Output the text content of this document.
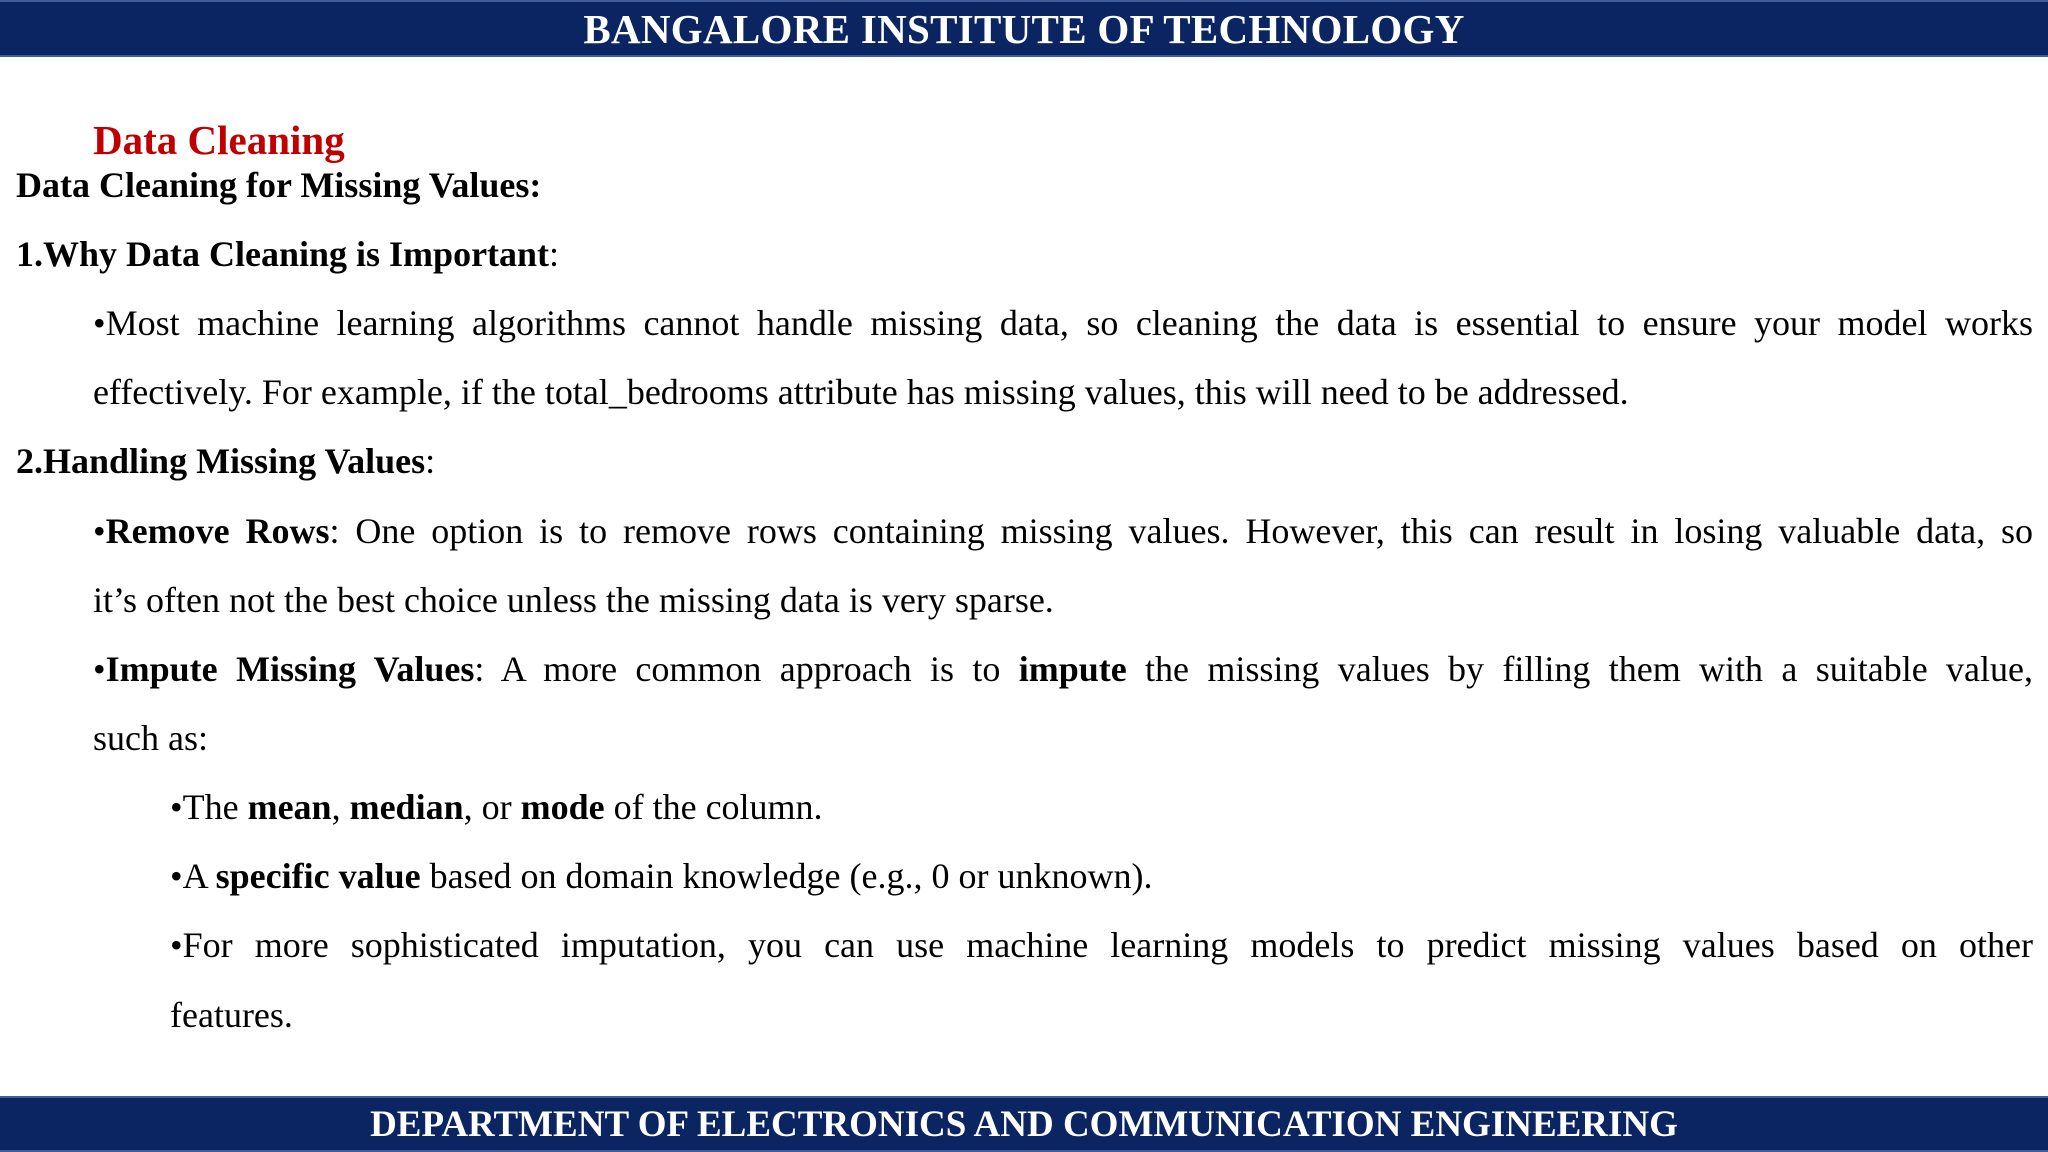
BANGALORE INSTITUTE OF TECHNOLOGY
Data Cleaning
Data Cleaning for Missing Values:
1.Why Data Cleaning is Important:
•Most machine learning algorithms cannot handle missing data, so cleaning the data is essential to ensure your model works
effectively. For example, if the total_bedrooms attribute has missing values, this will need to be addressed.
2.Handling Missing Values:
•Remove Rows: One option is to remove rows containing missing values. However, this can result in losing valuable data, so
it’s often not the best choice unless the missing data is very sparse.
•Impute Missing Values: A more common approach is to impute the missing values by filling them with a suitable value,
such as:
•The mean, median, or mode of the column.
•A specific value based on domain knowledge (e.g., 0 or unknown).
•For more sophisticated imputation, you can use machine learning models to predict missing values based on other
features.
DEPARTMENT OF ELECTRONICS AND COMMUNICATION ENGINEERING
